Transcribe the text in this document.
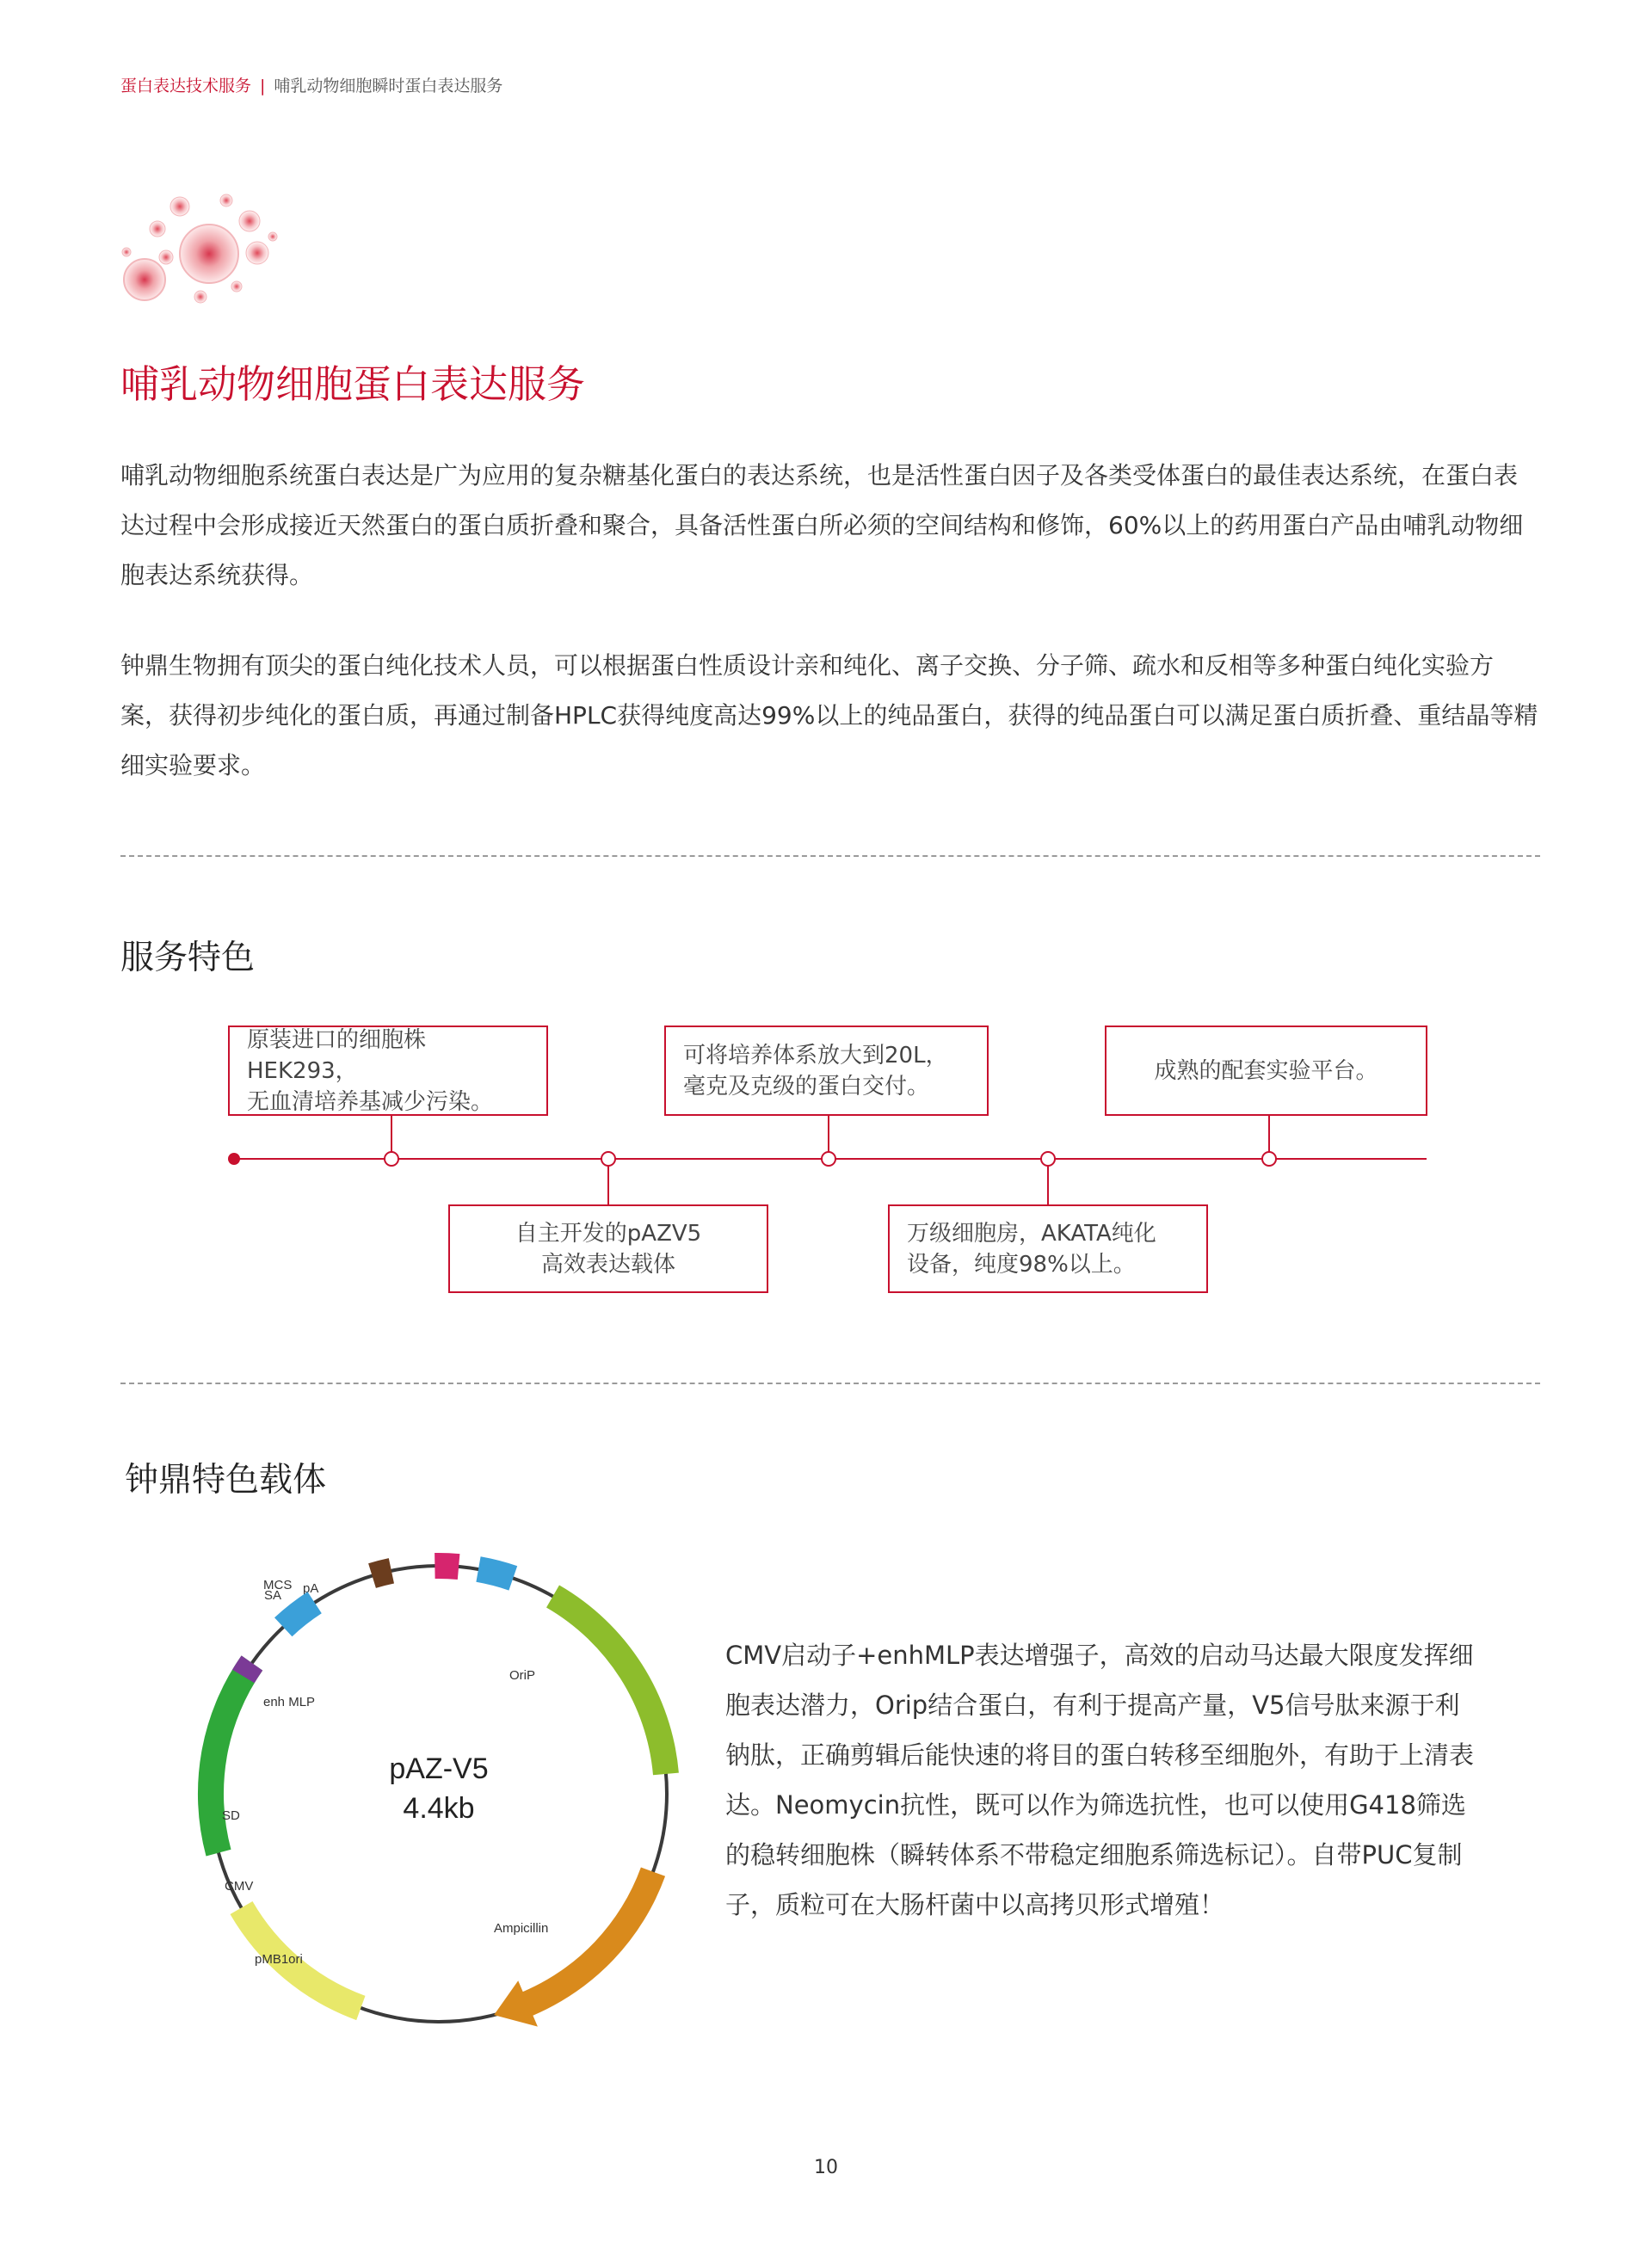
蛋白表达技术服务 | 哺乳动物细胞瞬时蛋白表达服务
哺乳动物细胞蛋白表达服务
哺乳动物细胞系统蛋白表达是广为应用的复杂糖基化蛋白的表达系统，也是活性蛋白因子及各类受体蛋白的最佳表达系统，在蛋白表达过程中会形成接近天然蛋白的蛋白质折叠和聚合，具备活性蛋白所必须的空间结构和修饰，60%以上的药用蛋白产品由哺乳动物细胞表达系统获得。
钟鼎生物拥有顶尖的蛋白纯化技术人员，可以根据蛋白性质设计亲和纯化、离子交换、分子筛、疏水和反相等多种蛋白纯化实验方案，获得初步纯化的蛋白质，再通过制备HPLC获得纯度高达99%以上的纯品蛋白，获得的纯品蛋白可以满足蛋白质折叠、重结晶等精细实验要求。
服务特色
原装进口的细胞株HEK293，
无血清培养基减少污染。
自主开发的pAZV5
高效表达载体
可将培养体系放大到20L，
毫克及克级的蛋白交付。
万级细胞房，AKATA纯化
设备，纯度98%以上。
成熟的配套实验平台。
钟鼎特色载体
pAZ-V5
4.4kb
SA
MCS pA
OriP
Ampicillin
pMB1ori
CMV
SD
enh MLP
CMV启动子+enhMLP表达增强子，高效的启动马达最大限度发挥细胞表达潜力，Orip结合蛋白，有利于提高产量，V5信号肽来源于利钠肽，正确剪辑后能快速的将目的蛋白转移至细胞外，有助于上清表达。Neomycin抗性，既可以作为筛选抗性，也可以使用G418筛选的稳转细胞株（瞬转体系不带稳定细胞系筛选标记）。自带PUC复制子，质粒可在大肠杆菌中以高拷贝形式增殖！
10
